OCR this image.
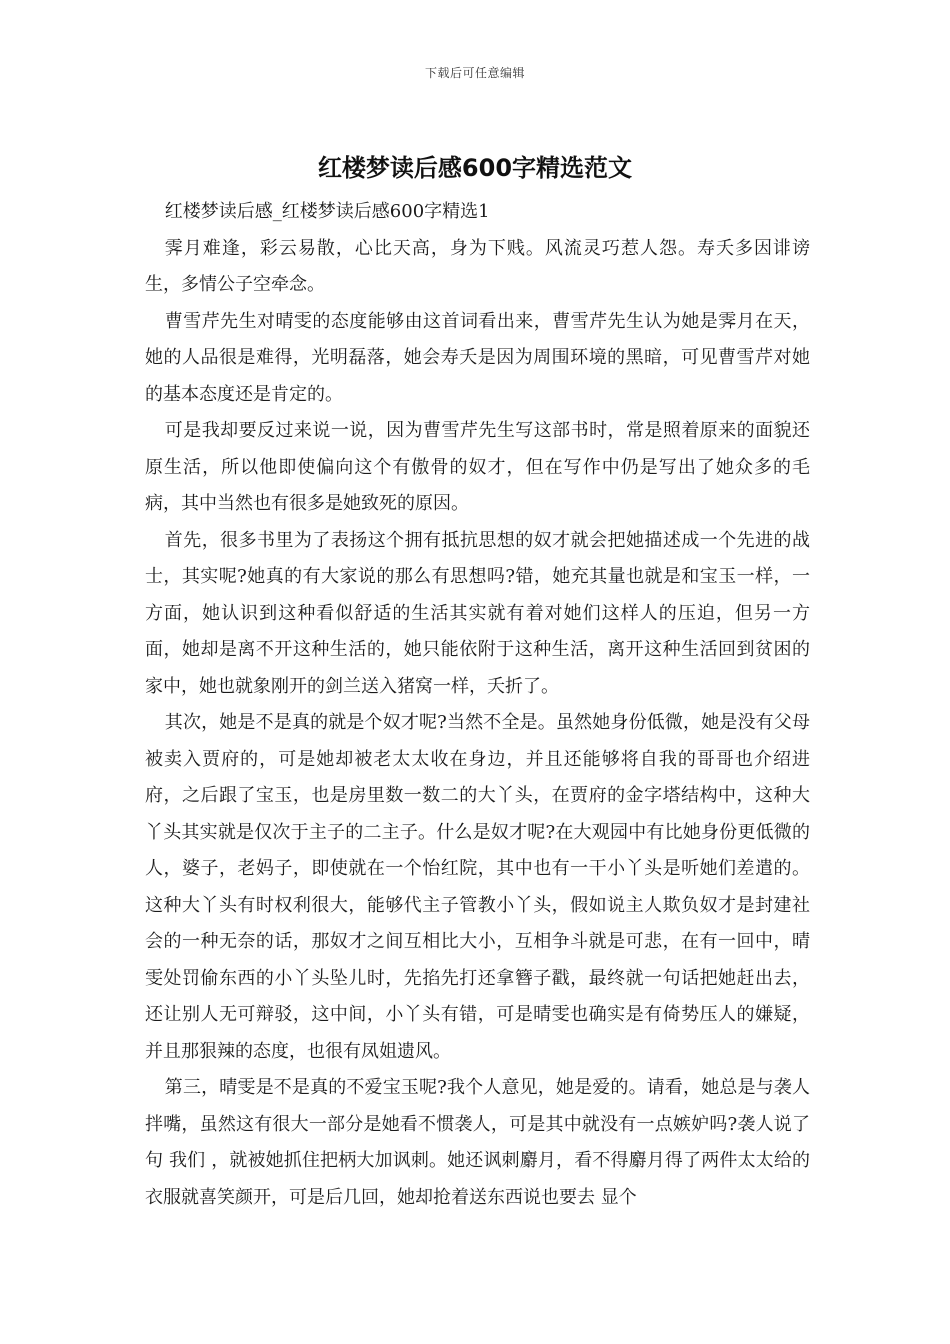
下载后可任意编辑
红楼梦读后感600字精选范文

红楼梦读后感_红楼梦读后感600字精选1

霁月难逢，彩云易散，心比天高，身为下贱。风流灵巧惹人怨。寿夭多因诽谤生，多情公子空牵念。

曹雪芹先生对晴雯的态度能够由这首词看出来，曹雪芹先生认为她是霁月在天，她的人品很是难得，光明磊落，她会寿夭是因为周围环境的黑暗，可见曹雪芹对她的基本态度还是肯定的。

可是我却要反过来说一说，因为曹雪芹先生写这部书时，常是照着原来的面貌还原生活，所以他即使偏向这个有傲骨的奴才，但在写作中仍是写出了她众多的毛病，其中当然也有很多是她致死的原因。

首先，很多书里为了表扬这个拥有抵抗思想的奴才就会把她描述成一个先进的战士，其实呢?她真的有大家说的那么有思想吗?错，她充其量也就是和宝玉一样，一方面，她认识到这种看似舒适的生活其实就有着对她们这样人的压迫，但另一方面，她却是离不开这种生活的，她只能依附于这种生活，离开这种生活回到贫困的家中，她也就象刚开的剑兰送入猪窝一样，夭折了。

其次，她是不是真的就是个奴才呢?当然不全是。虽然她身份低微，她是没有父母被卖入贾府的，可是她却被老太太收在身边，并且还能够将自我的哥哥也介绍进府，之后跟了宝玉，也是房里数一数二的大丫头，在贾府的金字塔结构中，这种大丫头其实就是仅次于主子的二主子。什么是奴才呢?在大观园中有比她身份更低微的人，婆子，老妈子，即使就在一个怡红院，其中也有一干小丫头是听她们差遣的。这种大丫头有时权利很大，能够代主子管教小丫头，假如说主人欺负奴才是封建社会的一种无奈的话，那奴才之间互相比大小，互相争斗就是可悲，在有一回中，晴雯处罚偷东西的小丫头坠儿时，先掐先打还拿簪子戳，最终就一句话把她赶出去，还让别人无可辩驳，这中间，小丫头有错，可是晴雯也确实是有倚势压人的嫌疑，并且那狠辣的态度，也很有凤姐遗风。

第三，晴雯是不是真的不爱宝玉呢?我个人意见，她是爱的。请看，她总是与袭人拌嘴，虽然这有很大一部分是她看不惯袭人，可是其中就没有一点嫉妒吗?袭人说了句 我们 ，就被她抓住把柄大加讽刺。她还讽刺麝月，看不得麝月得了两件太太给的衣服就喜笑颜开，可是后几回，她却抢着送东西说也要去 显个
